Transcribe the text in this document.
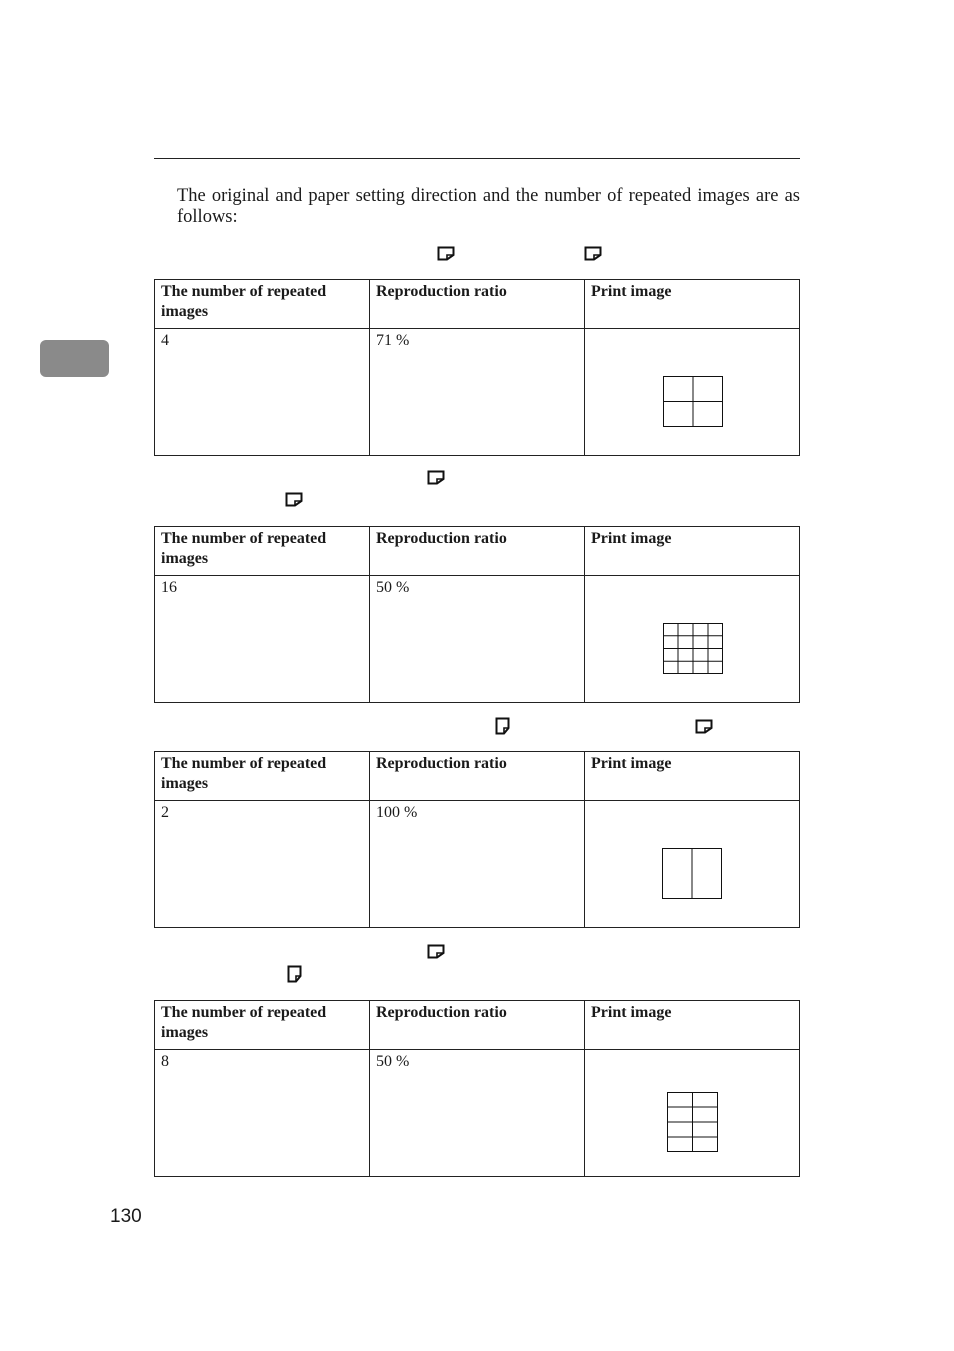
The original and paper setting direction and the number of repeated images are as follows:

The number of repeated images	Reproduction ratio	Print image

4	71 %

The number of repeated images	Reproduction ratio	Print image

16	50 %

The number of repeated images	Reproduction ratio	Print image

2	100 %

The number of repeated images	Reproduction ratio	Print image

8	50 %

130
